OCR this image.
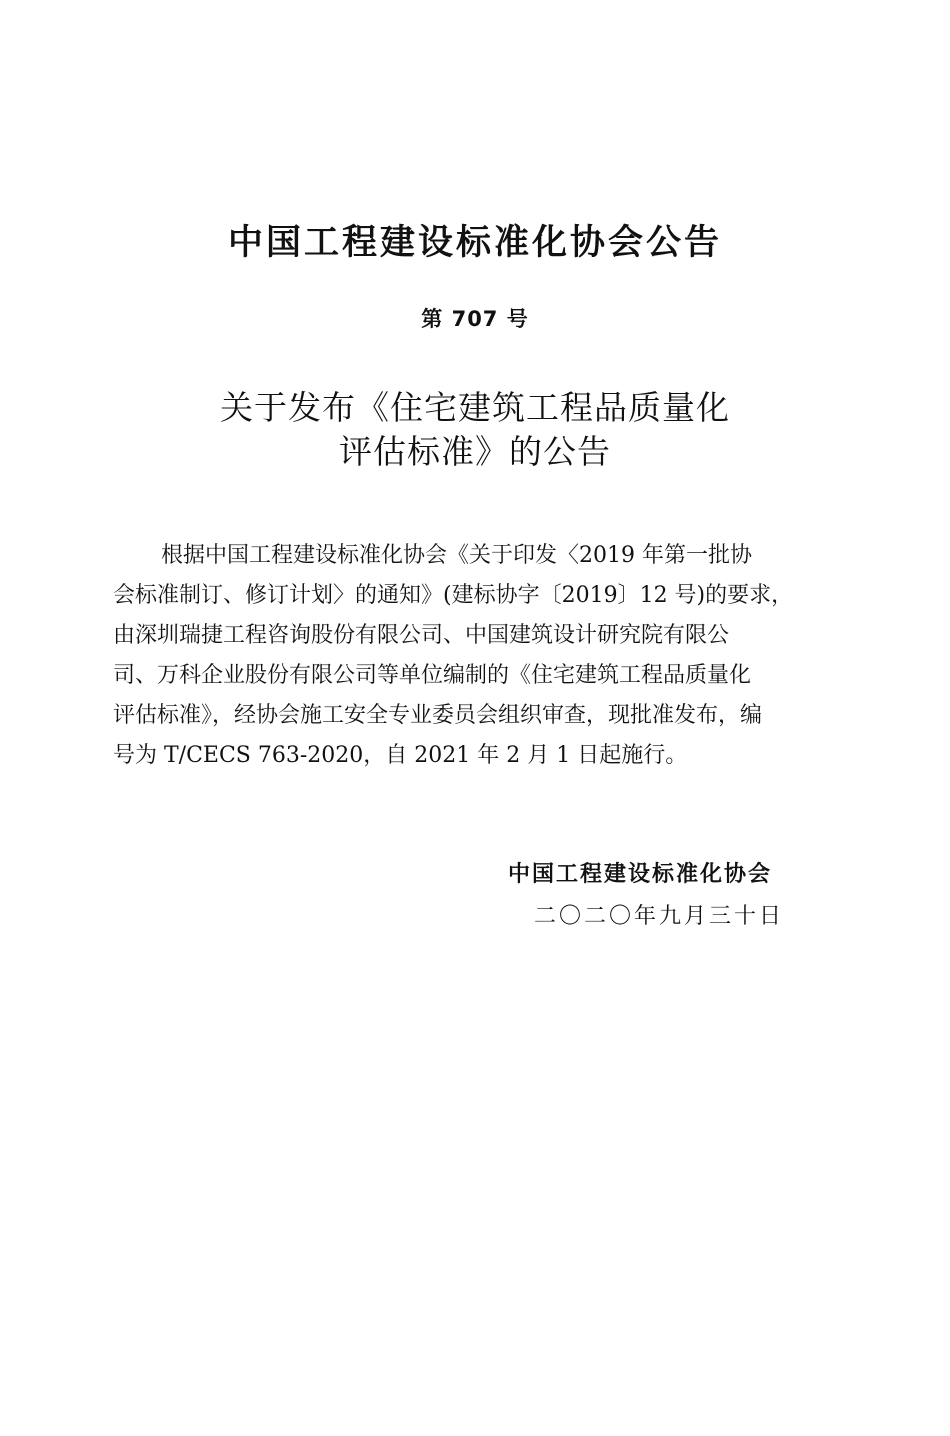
中国工程建设标准化协会公告
第 707 号
关于发布《住宅建筑工程品质量化
评估标准》的公告
根据中国工程建设标准化协会《关于印发〈2019 年第一批协
会标准制订、修订计划〉的通知》(建标协字〔2019〕12 号)的要求，
由深圳瑞捷工程咨询股份有限公司、中国建筑设计研究院有限公
司、万科企业股份有限公司等单位编制的《住宅建筑工程品质量化
评估标准》，经协会施工安全专业委员会组织审查，现批准发布，编
号为 T/CECS 763-2020，自 2021 年 2 月 1 日起施行。
中国工程建设标准化协会
二〇二〇年九月三十日
